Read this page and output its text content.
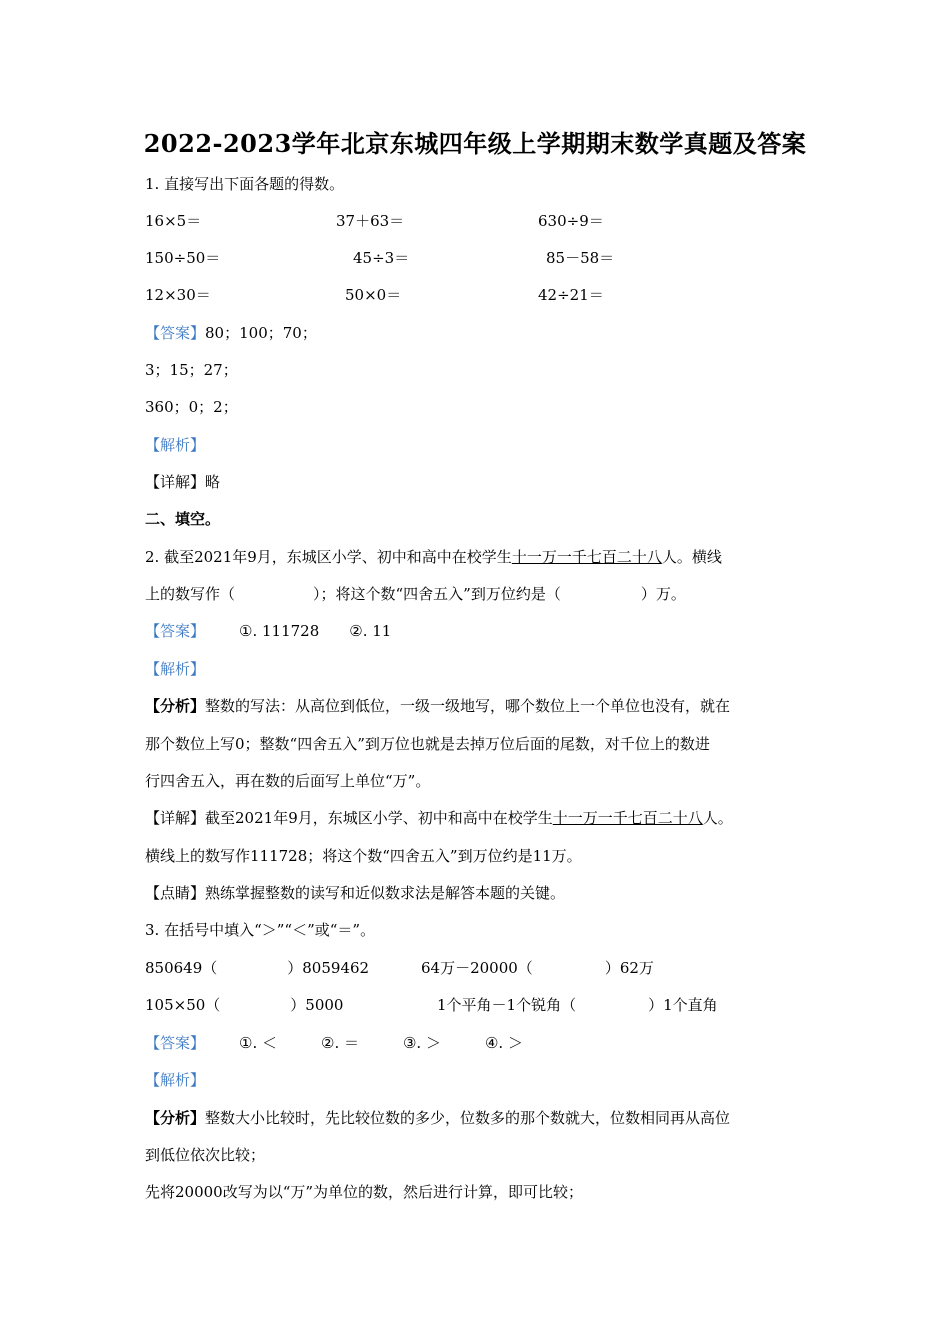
2022-2023学年北京东城四年级上学期期末数学真题及答案
1. 直接写出下面各题的得数。
16×5＝	37＋63＝	630÷9＝
150÷50＝	45÷3＝	85－58＝
12×30＝	50×0＝	42÷21＝
【答案】80；100；70；
3；15；27；
360；0；2；
【解析】
【详解】略
二、填空。
2. 截至2021年9月，东城区小学、初中和高中在校学生十一万一千七百二十八人。横线
上的数写作（	）；将这个数“四舍五入”到万位约是（	）万。
【答案】 ①. 111728 ②. 11
【解析】
【分析】整数的写法：从高位到低位，一级一级地写，哪个数位上一个单位也没有，就在
那个数位上写0；整数“四舍五入”到万位也就是去掉万位后面的尾数，对千位上的数进
行四舍五入，再在数的后面写上单位“万”。
【详解】截至2021年9月，东城区小学、初中和高中在校学生十一万一千七百二十八人。
横线上的数写作111728；将这个数“四舍五入”到万位约是11万。
【点睛】熟练掌握整数的读写和近似数求法是解答本题的关键。
3. 在括号中填入“＞”“＜”或“＝”。
850649（	）8059462	64万－20000（	）62万
105×50（	）5000	1个平角－1个锐角（	）1个直角
【答案】 ①. ＜	②. ＝	③. ＞	④. ＞
【解析】
【分析】整数大小比较时，先比较位数的多少，位数多的那个数就大，位数相同再从高位
到低位依次比较；
先将20000改写为以“万”为单位的数，然后进行计算，即可比较；
